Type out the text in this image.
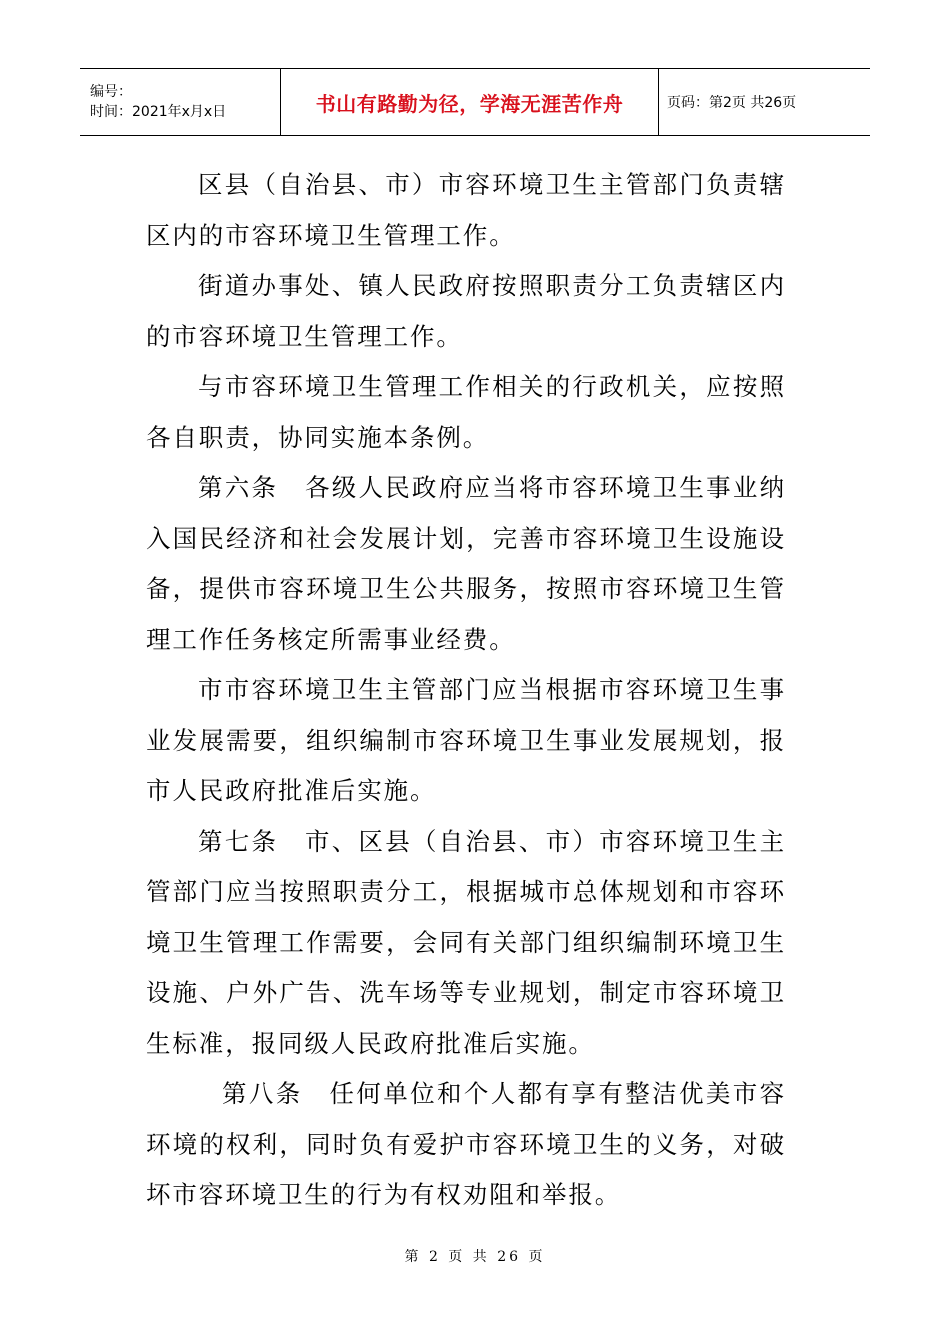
编号：
时间：2021年x月x日	书山有路勤为径，学海无涯苦作舟	页码：第2页 共26页

区县（自治县、市）市容环境卫生主管部门负责辖区内的市容环境卫生管理工作。

街道办事处、镇人民政府按照职责分工负责辖区内的市容环境卫生管理工作。

与市容环境卫生管理工作相关的行政机关，应按照各自职责，协同实施本条例。

第六条　各级人民政府应当将市容环境卫生事业纳入国民经济和社会发展计划，完善市容环境卫生设施设备，提供市容环境卫生公共服务，按照市容环境卫生管理工作任务核定所需事业经费。

市市容环境卫生主管部门应当根据市容环境卫生事业发展需要，组织编制市容环境卫生事业发展规划，报市人民政府批准后实施。

第七条　市、区县（自治县、市）市容环境卫生主管部门应当按照职责分工，根据城市总体规划和市容环境卫生管理工作需要，会同有关部门组织编制环境卫生设施、户外广告、洗车场等专业规划，制定市容环境卫生标准，报同级人民政府批准后实施。

第八条　任何单位和个人都有享有整洁优美市容环境的权利，同时负有爱护市容环境卫生的义务，对破坏市容环境卫生的行为有权劝阻和举报。

第 2 页 共 26 页
